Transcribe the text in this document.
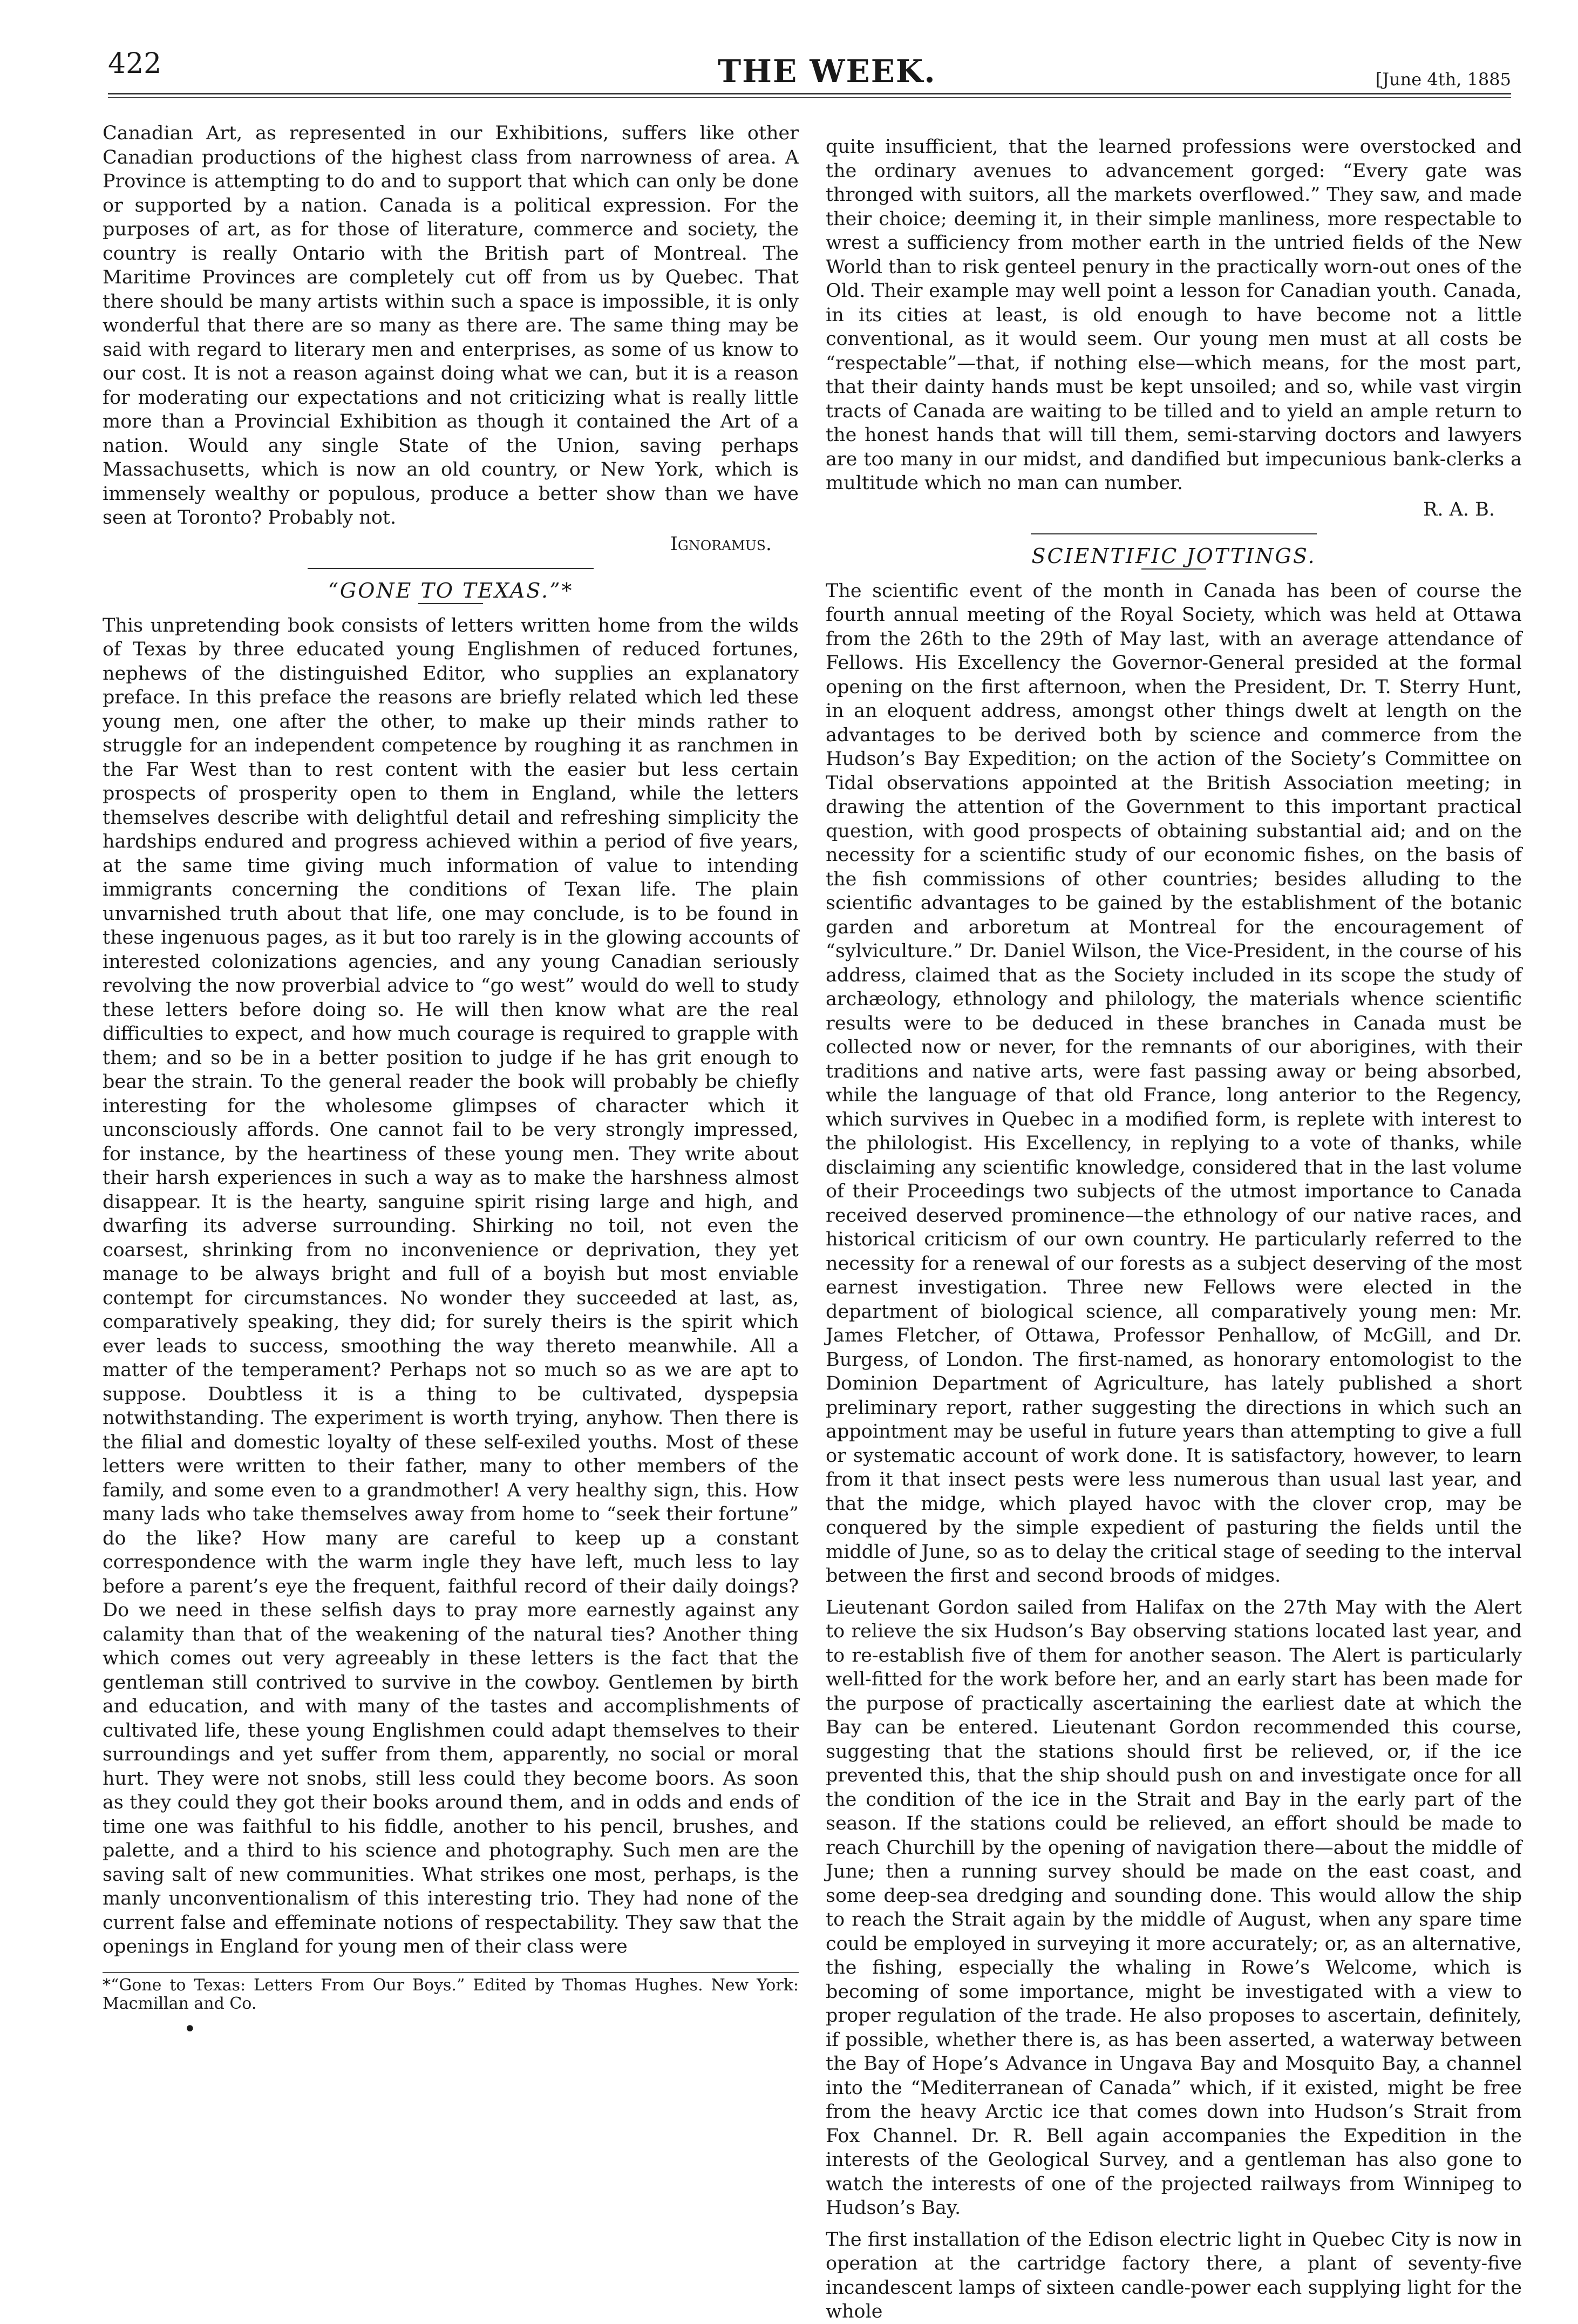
422	THE WEEK.	[June 4th, 1885

Canadian Art, as represented in our Exhibitions, suffers like other Canadian productions of the highest class from narrowness of area. A Province is attempting to do and to support that which can only be done or supported by a nation. Canada is a political expression. For the purposes of art, as for those of literature, commerce and society, the country is really Ontario with the British part of Montreal. The Maritime Provinces are completely cut off from us by Quebec. That there should be many artists within such a space is impossible, it is only wonderful that there are so many as there are. The same thing may be said with regard to literary men and enterprises, as some of us know to our cost. It is not a reason against doing what we can, but it is a reason for moderating our expectations and not criticizing what is really little more than a Provincial Exhibition as though it contained the Art of a nation. Would any single State of the Union, saving perhaps Massachusetts, which is now an old country, or New York, which is immensely wealthy or populous, produce a better show than we have seen at Toronto? Probably not.

Ignoramus.

“GONE TO TEXAS.”*

This unpretending book consists of letters written home from the wilds of Texas by three educated young Englishmen of reduced fortunes, nephews of the distinguished Editor, who supplies an explanatory preface. In this preface the reasons are briefly related which led these young men, one after the other, to make up their minds rather to struggle for an independent competence by roughing it as ranchmen in the Far West than to rest content with the easier but less certain prospects of prosperity open to them in England, while the letters themselves describe with delightful detail and refreshing simplicity the hardships endured and progress achieved within a period of five years, at the same time giving much information of value to intending immigrants concerning the conditions of Texan life. The plain unvarnished truth about that life, one may conclude, is to be found in these ingenuous pages, as it but too rarely is in the glowing accounts of interested colonizations agencies, and any young Canadian seriously revolving the now proverbial advice to “go west” would do well to study these letters before doing so. He will then know what are the real difficulties to expect, and how much courage is required to grapple with them; and so be in a better position to judge if he has grit enough to bear the strain. To the general reader the book will probably be chiefly interesting for the wholesome glimpses of character which it unconsciously affords. One cannot fail to be very strongly impressed, for instance, by the heartiness of these young men. They write about their harsh experiences in such a way as to make the harshness almost disappear. It is the hearty, sanguine spirit rising large and high, and dwarfing its adverse surrounding. Shirking no toil, not even the coarsest, shrinking from no inconvenience or deprivation, they yet manage to be always bright and full of a boyish but most enviable contempt for circumstances. No wonder they succeeded at last, as, comparatively speaking, they did; for surely theirs is the spirit which ever leads to success, smoothing the way thereto meanwhile. All a matter of the temperament? Perhaps not so much so as we are apt to suppose. Doubtless it is a thing to be cultivated, dyspepsia notwithstanding. The experiment is worth trying, anyhow. Then there is the filial and domestic loyalty of these self-exiled youths. Most of these letters were written to their father, many to other members of the family, and some even to a grandmother! A very healthy sign, this. How many lads who take themselves away from home to “seek their fortune” do the like? How many are careful to keep up a constant correspondence with the warm ingle they have left, much less to lay before a parent’s eye the frequent, faithful record of their daily doings? Do we need in these selfish days to pray more earnestly against any calamity than that of the weakening of the natural ties? Another thing which comes out very agreeably in these letters is the fact that the gentleman still contrived to survive in the cowboy. Gentlemen by birth and education, and with many of the tastes and accomplishments of cultivated life, these young Englishmen could adapt themselves to their surroundings and yet suffer from them, apparently, no social or moral hurt. They were not snobs, still less could they become boors. As soon as they could they got their books around them, and in odds and ends of time one was faithful to his fiddle, another to his pencil, brushes, and palette, and a third to his science and photography. Such men are the saving salt of new communities. What strikes one most, perhaps, is the manly unconventionalism of this interesting trio. They had none of the current false and effeminate notions of respectability. They saw that the openings in England for young men of their class were

*“Gone to Texas: Letters From Our Boys.” Edited by Thomas Hughes. New York: Macmillan and Co.

•

quite insufficient, that the learned professions were overstocked and the ordinary avenues to advancement gorged: “Every gate was thronged with suitors, all the markets overflowed.” They saw, and made their choice; deeming it, in their simple manliness, more respectable to wrest a sufficiency from mother earth in the untried fields of the New World than to risk genteel penury in the practically worn-out ones of the Old. Their example may well point a lesson for Canadian youth. Canada, in its cities at least, is old enough to have become not a little conventional, as it would seem. Our young men must at all costs be “respectable”—that, if nothing else—which means, for the most part, that their dainty hands must be kept unsoiled; and so, while vast virgin tracts of Canada are waiting to be tilled and to yield an ample return to the honest hands that will till them, semi-starving doctors and lawyers are too many in our midst, and dandified but impecunious bank-clerks a multitude which no man can number.

R. A. B.

SCIENTIFIC JOTTINGS.

The scientific event of the month in Canada has been of course the fourth annual meeting of the Royal Society, which was held at Ottawa from the 26th to the 29th of May last, with an average attendance of Fellows. His Excellency the Governor-General presided at the formal opening on the first afternoon, when the President, Dr. T. Sterry Hunt, in an eloquent address, amongst other things dwelt at length on the advantages to be derived both by science and commerce from the Hudson’s Bay Expedition; on the action of the Society’s Committee on Tidal observations appointed at the British Association meeting; in drawing the attention of the Government to this important practical question, with good prospects of obtaining substantial aid; and on the necessity for a scientific study of our economic fishes, on the basis of the fish commissions of other countries; besides alluding to the scientific advantages to be gained by the establishment of the botanic garden and arboretum at Montreal for the encouragement of “sylviculture.” Dr. Daniel Wilson, the Vice-President, in the course of his address, claimed that as the Society included in its scope the study of archæology, ethnology and philology, the materials whence scientific results were to be deduced in these branches in Canada must be collected now or never, for the remnants of our aborigines, with their traditions and native arts, were fast passing away or being absorbed, while the language of that old France, long anterior to the Regency, which survives in Quebec in a modified form, is replete with interest to the philologist. His Excellency, in replying to a vote of thanks, while disclaiming any scientific knowledge, considered that in the last volume of their Proceedings two subjects of the utmost importance to Canada received deserved prominence—the ethnology of our native races, and historical criticism of our own country. He particularly referred to the necessity for a renewal of our forests as a subject deserving of the most earnest investigation. Three new Fellows were elected in the department of biological science, all comparatively young men: Mr. James Fletcher, of Ottawa, Professor Penhallow, of McGill, and Dr. Burgess, of London. The first-named, as honorary entomologist to the Dominion Department of Agriculture, has lately published a short preliminary report, rather suggesting the directions in which such an appointment may be useful in future years than attempting to give a full or systematic account of work done. It is satisfactory, however, to learn from it that insect pests were less numerous than usual last year, and that the midge, which played havoc with the clover crop, may be conquered by the simple expedient of pasturing the fields until the middle of June, so as to delay the critical stage of seeding to the interval between the first and second broods of midges.

Lieutenant Gordon sailed from Halifax on the 27th May with the Alert to relieve the six Hudson’s Bay observing stations located last year, and to re-establish five of them for another season. The Alert is particularly well-fitted for the work before her, and an early start has been made for the purpose of practically ascertaining the earliest date at which the Bay can be entered. Lieutenant Gordon recommended this course, suggesting that the stations should first be relieved, or, if the ice prevented this, that the ship should push on and investigate once for all the condition of the ice in the Strait and Bay in the early part of the season. If the stations could be relieved, an effort should be made to reach Churchill by the opening of navigation there—about the middle of June; then a running survey should be made on the east coast, and some deep-sea dredging and sounding done. This would allow the ship to reach the Strait again by the middle of August, when any spare time could be employed in surveying it more accurately; or, as an alternative, the fishing, especially the whaling in Rowe’s Welcome, which is becoming of some importance, might be investigated with a view to proper regulation of the trade. He also proposes to ascertain, definitely, if possible, whether there is, as has been asserted, a waterway between the Bay of Hope’s Advance in Ungava Bay and Mosquito Bay, a channel into the “Mediterranean of Canada” which, if it existed, might be free from the heavy Arctic ice that comes down into Hudson’s Strait from Fox Channel. Dr. R. Bell again accompanies the Expedition in the interests of the Geological Survey, and a gentleman has also gone to watch the interests of one of the projected railways from Winnipeg to Hudson’s Bay.

The first installation of the Edison electric light in Quebec City is now in operation at the cartridge factory there, a plant of seventy-five incandescent lamps of sixteen candle-power each supplying light for the whole
